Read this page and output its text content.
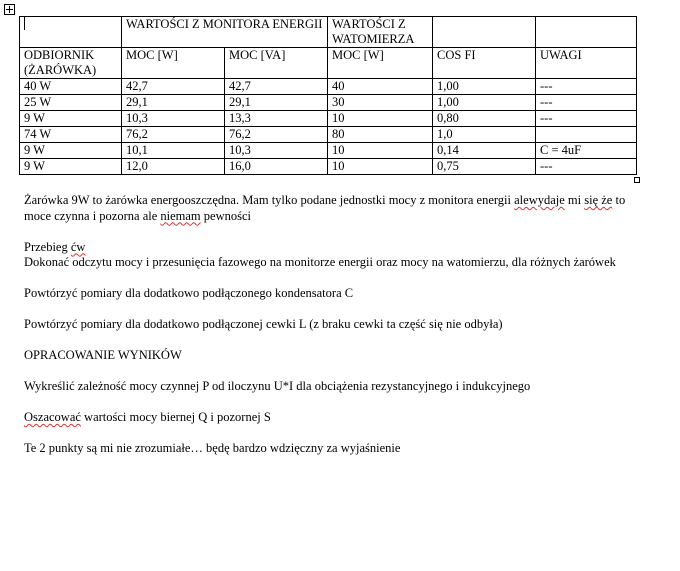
	WARTOŚCI Z MONITORA ENERGII		WARTOŚCI Z WATOMIERZA		
ODBIORNIK (ŻARÓWKA)	MOC [W]	MOC [VA]	MOC [W]	COS FI	UWAGI
40 W	42,7	42,7	40	1,00	---
25 W	29,1	29,1	30	1,00	---
9 W	10,3	13,3	10	0,80	---
74 W	76,2	76,2	80	1,0	
9 W	10,1	10,3	10	0,14	C = 4uF
9 W	12,0	16,0	10	0,75	---

Żarówka 9W to żarówka energooszczędna. Mam tylko podane jednostki mocy z monitora energii alewydaje mi się że to moce czynna i pozorna ale niemam pewności

Przebieg ćw

Dokonać odczytu mocy i przesunięcia fazowego na monitorze energii oraz mocy na watomierzu, dla różnych żarówek

Powtórzyć pomiary dla dodatkowo podłączonego kondensatora C

Powtórzyć pomiary dla dodatkowo podłączonej cewki L (z braku cewki ta część się nie odbyła)

OPRACOWANIE WYNIKÓW

Wykreślić zależność mocy czynnej P od iloczynu U*I dla obciążenia rezystancyjnego i indukcyjnego

Oszacować wartości mocy biernej Q i pozornej S

Te 2 punkty są mi nie zrozumiałe… będę bardzo wdzięczny za wyjaśnienie
